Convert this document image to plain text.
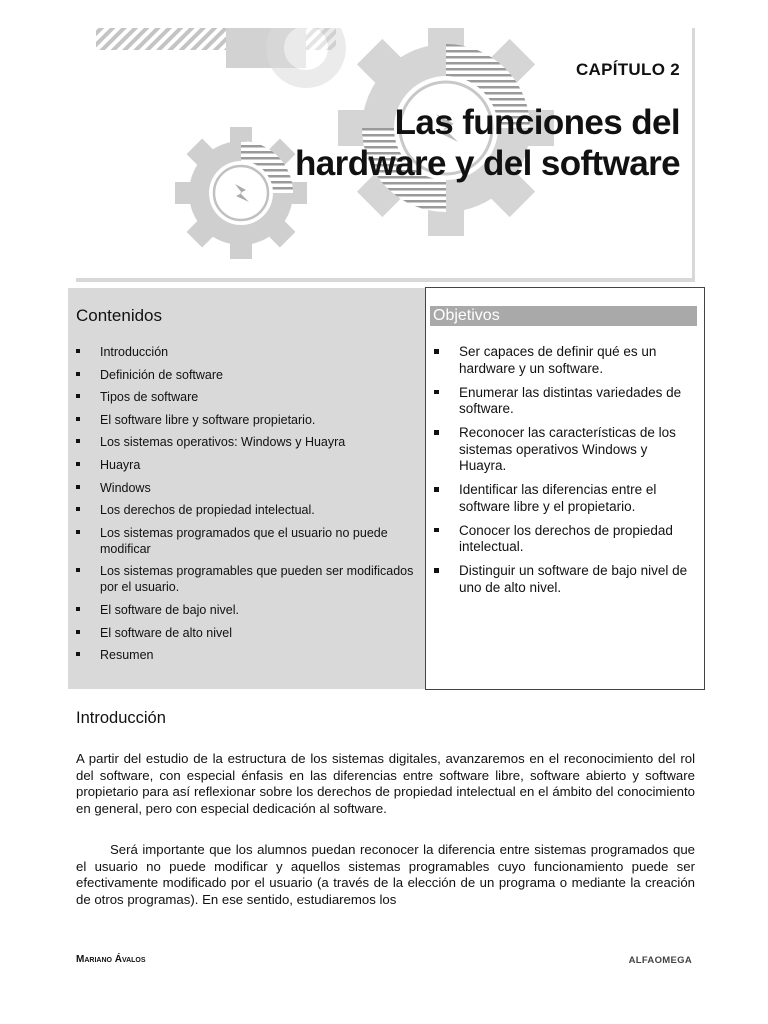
CAPÍTULO 2
Las funciones del
hardware y del software
Contenidos
Introducción
Definición de software
Tipos de software
El software libre y software propietario.
Los sistemas operativos: Windows y Huayra
Huayra
Windows
Los derechos de propiedad intelectual.
Los sistemas programados que el usuario no puede modificar
Los sistemas programables que pueden ser modificados por el usuario.
El software de bajo nivel.
El software de alto nivel
Resumen
Objetivos
Ser capaces de definir qué es un hardware y un software.
Enumerar las distintas variedades de software.
Reconocer las características de los sistemas operativos Windows y Huayra.
Identificar las diferencias entre el software libre y el propietario.
Conocer los derechos de propiedad intelectual.
Distinguir un software de bajo nivel de uno de alto nivel.
Introducción

A partir del estudio de la estructura de los sistemas digitales, avanzaremos en el reconocimiento del rol del software, con especial énfasis en las diferencias entre software libre, software abierto y software propietario para así reflexionar sobre los derechos de propiedad intelectual en el ámbito del conocimiento en general, pero con especial dedicación al software.

Será importante que los alumnos puedan reconocer la diferencia entre sistemas programados que el usuario no puede modificar y aquellos sistemas programables cuyo funcionamiento puede ser efectivamente modificado por el usuario (a través de la elección de un programa o mediante la creación de otros programas). En ese sentido, estudiaremos los

Mariano Ávalos	ALFAOMEGA
